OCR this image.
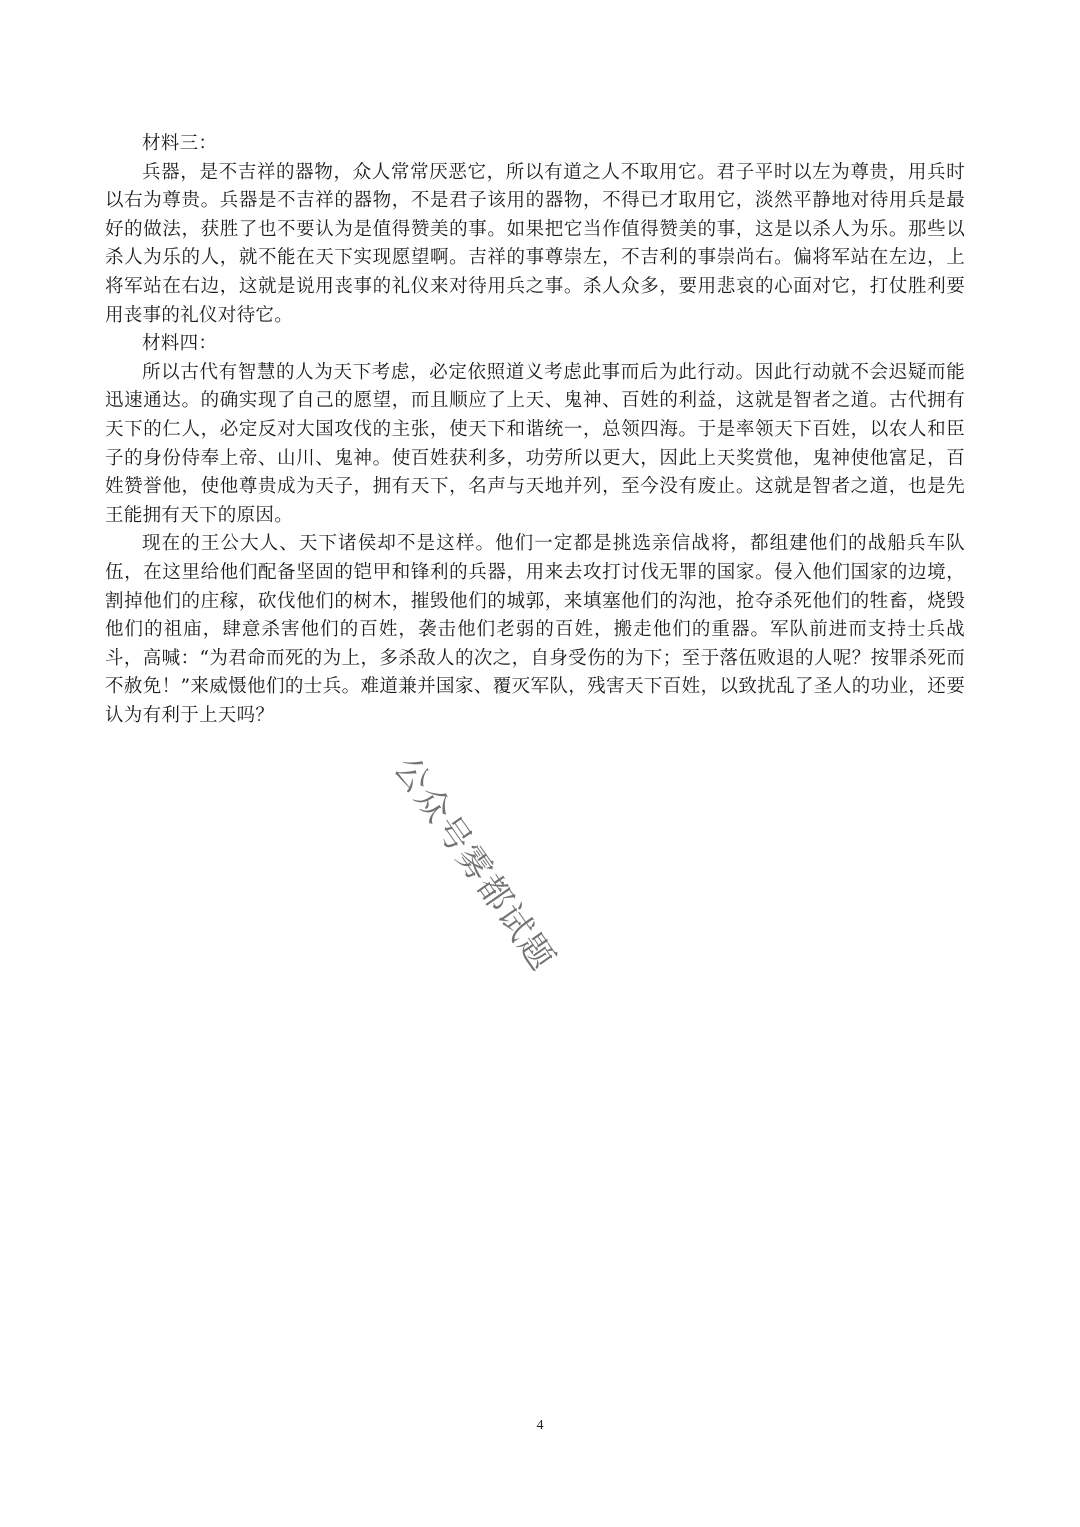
材料三：

兵器，是不吉祥的器物，众人常常厌恶它，所以有道之人不取用它。君子平时以左为尊贵，用兵时以右为尊贵。兵器是不吉祥的器物，不是君子该用的器物，不得已才取用它，淡然平静地对待用兵是最好的做法，获胜了也不要认为是值得赞美的事。如果把它当作值得赞美的事，这是以杀人为乐。那些以杀人为乐的人，就不能在天下实现愿望啊。吉祥的事尊崇左，不吉利的事崇尚右。偏将军站在左边，上将军站在右边，这就是说用丧事的礼仪来对待用兵之事。杀人众多，要用悲哀的心面对它，打仗胜利要用丧事的礼仪对待它。

材料四：

所以古代有智慧的人为天下考虑，必定依照道义考虑此事而后为此行动。因此行动就不会迟疑而能迅速通达。的确实现了自己的愿望，而且顺应了上天、鬼神、百姓的利益，这就是智者之道。古代拥有天下的仁人，必定反对大国攻伐的主张，使天下和谐统一，总领四海。于是率领天下百姓，以农人和臣子的身份侍奉上帝、山川、鬼神。使百姓获利多，功劳所以更大，因此上天奖赏他，鬼神使他富足，百姓赞誉他，使他尊贵成为天子，拥有天下，名声与天地并列，至今没有废止。这就是智者之道，也是先王能拥有天下的原因。

现在的王公大人、天下诸侯却不是这样。他们一定都是挑选亲信战将，都组建他们的战船兵车队伍，在这里给他们配备坚固的铠甲和锋利的兵器，用来去攻打讨伐无罪的国家。侵入他们国家的边境，割掉他们的庄稼，砍伐他们的树木，摧毁他们的城郭，来填塞他们的沟池，抢夺杀死他们的牲畜，烧毁他们的祖庙，肆意杀害他们的百姓，袭击他们老弱的百姓，搬走他们的重器。军队前进而支持士兵战斗，高喊：“为君命而死的为上，多杀敌人的次之，自身受伤的为下；至于落伍败退的人呢？按罪杀死而不赦免！”来威慑他们的士兵。难道兼并国家、覆灭军队，残害天下百姓，以致扰乱了圣人的功业，还要认为有利于上天吗？

公众号雾都试题
4
